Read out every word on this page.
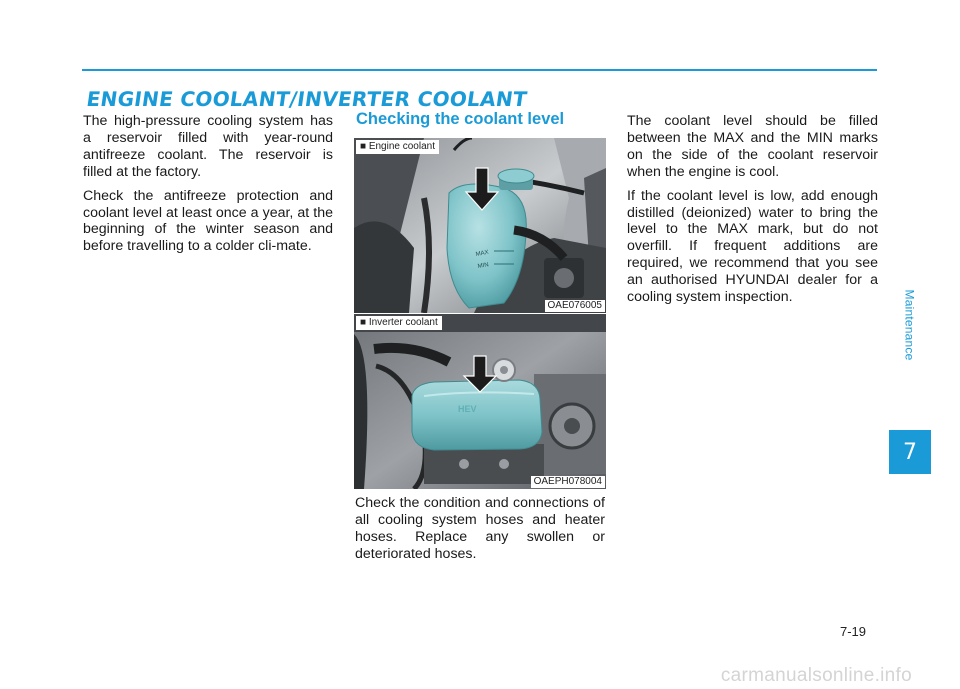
ENGINE COOLANT/INVERTER COOLANT

The high-pressure cooling system has a reservoir filled with year-round antifreeze coolant. The reservoir is filled at the factory.

Check the antifreeze protection and coolant level at least once a year, at the beginning of the winter season and before travelling to a colder cli-mate.

Checking the coolant level
MAX
MIN
■ Engine coolant
OAE076005
HEV
■ Inverter coolant
OAEPH078004

Check the condition and connections of all cooling system hoses and heater hoses. Replace any swollen or deteriorated hoses.

The coolant level should be filled between the MAX and the MIN marks on the side of the coolant reservoir when the engine is cool.

If the coolant level is low, add enough distilled (deionized) water to bring the level to the MAX mark, but do not overfill. If frequent additions are required, we recommend that you see an authorised HYUNDAI dealer for a cooling system inspection.	Maintenance
7
7-19
carmanualsonline.info
